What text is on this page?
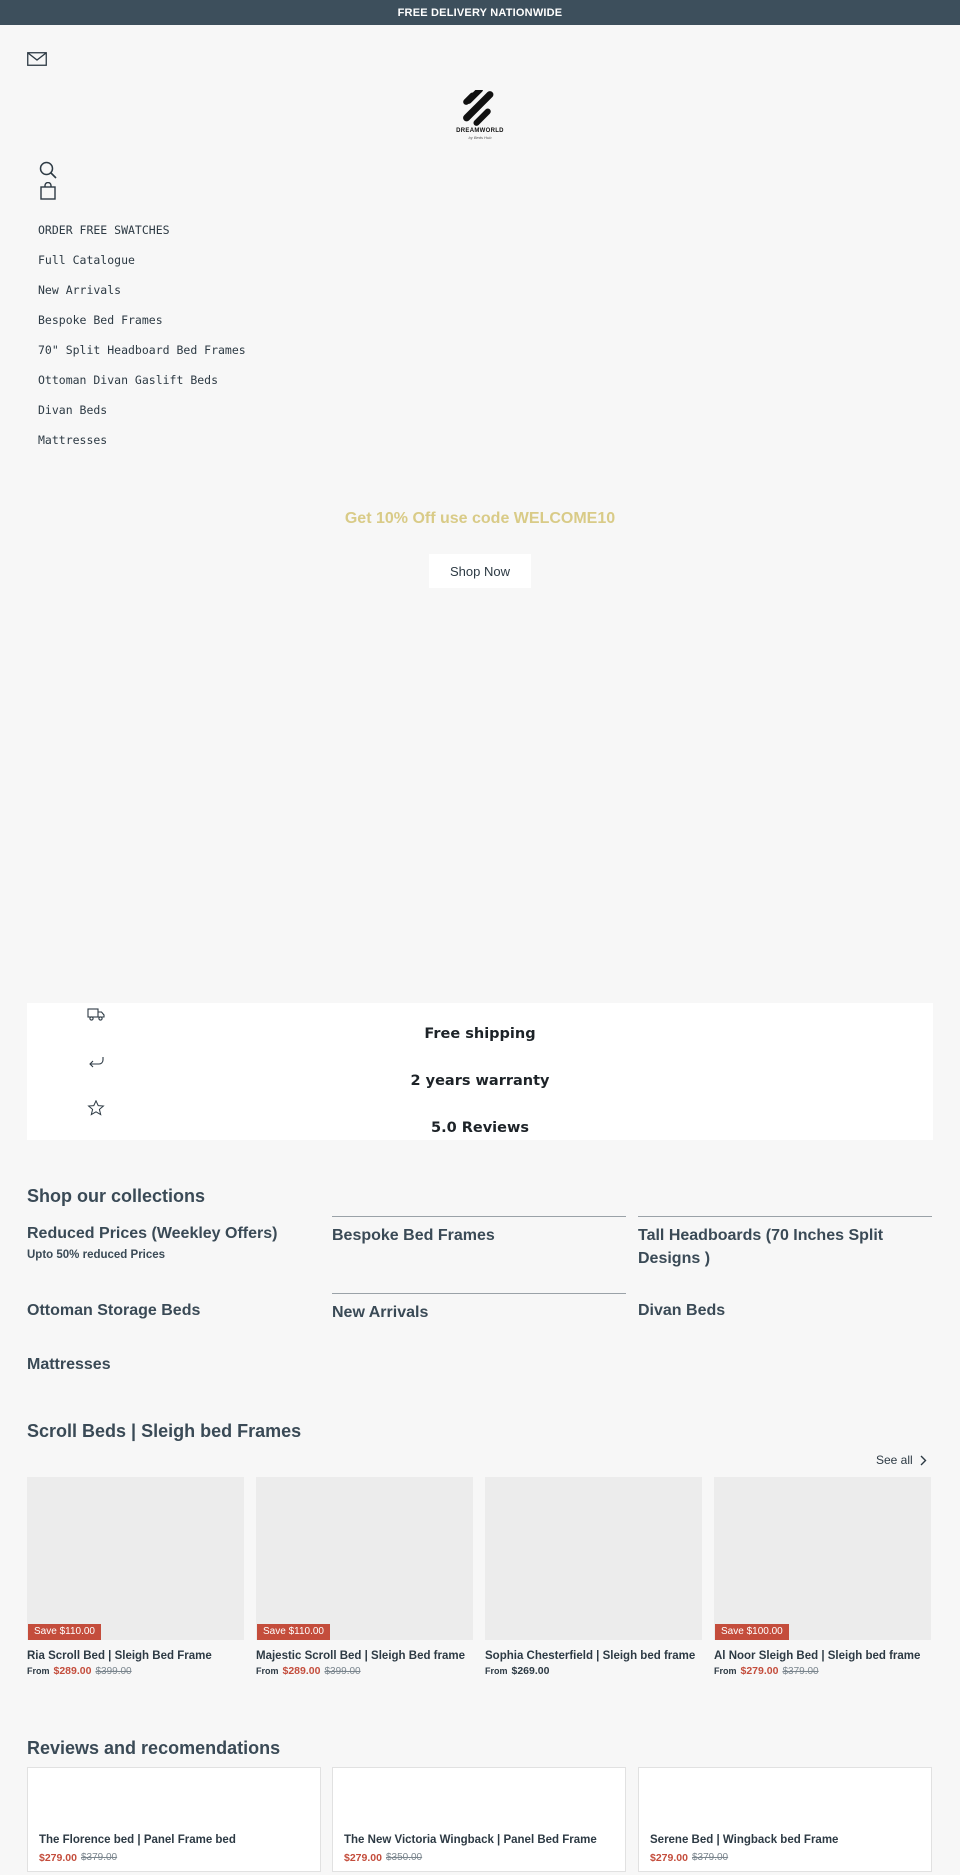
FREE DELIVERY NATIONWIDE
DREAMWORLD
by Beds Hub
ORDER FREE SWATCHES
Full Catalogue
New Arrivals
Bespoke Bed Frames
70" Split Headboard Bed Frames
Ottoman Divan Gaslift Beds
Divan Beds
Mattresses
Get 10% Off use code WELCOME10
Shop Now
Free shipping
2 years warranty
5.0 Reviews
Shop our collections
Reduced Prices (Weekley Offers)
Upto 50% reduced Prices
Bespoke Bed Frames	Tall Headboards (70 Inches Split Designs )
Ottoman Storage Beds	New Arrivals	Divan Beds
Mattresses
Scroll Beds | Sleigh bed Frames
See all
Save $110.00
Ria Scroll Bed | Sleigh Bed Frame
From $289.00 $399.00
Save $110.00
Majestic Scroll Bed | Sleigh Bed frame
From $289.00 $399.00
Sophia Chesterfield | Sleigh bed frame
From $269.00
Save $100.00
Al Noor Sleigh Bed | Sleigh bed frame
From $279.00 $379.00
Reviews and recomendations
The Florence bed | Panel Frame bed
$279.00 $379.00
The New Victoria Wingback | Panel Bed Frame
$279.00 $350.00
Serene Bed | Wingback bed Frame
$279.00 $379.00
